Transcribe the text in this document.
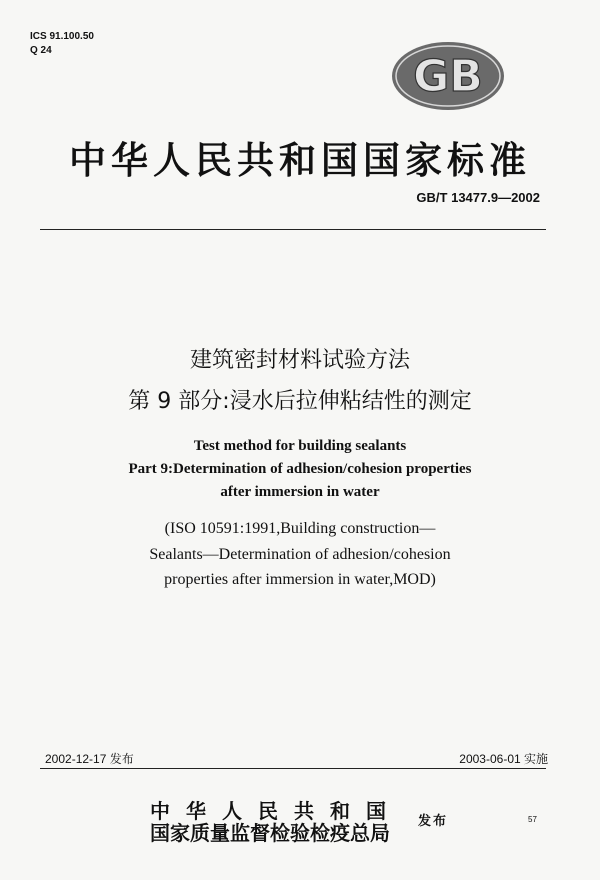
ICS 91.100.50
Q 24
GB
中华人民共和国国家标准
GB/T 13477.9—2002
建筑密封材料试验方法
第 9 部分:浸水后拉伸粘结性的测定
Test method for building sealants
Part 9:Determination of adhesion/cohesion properties
after immersion in water
(ISO 10591:1991,Building construction—
Sealants—Determination of adhesion/cohesion
properties after immersion in water,MOD)
2002-12-17 发布	2003-06-01 实施
中华人民共和国
国家质量监督检验检疫总局	发布	57
